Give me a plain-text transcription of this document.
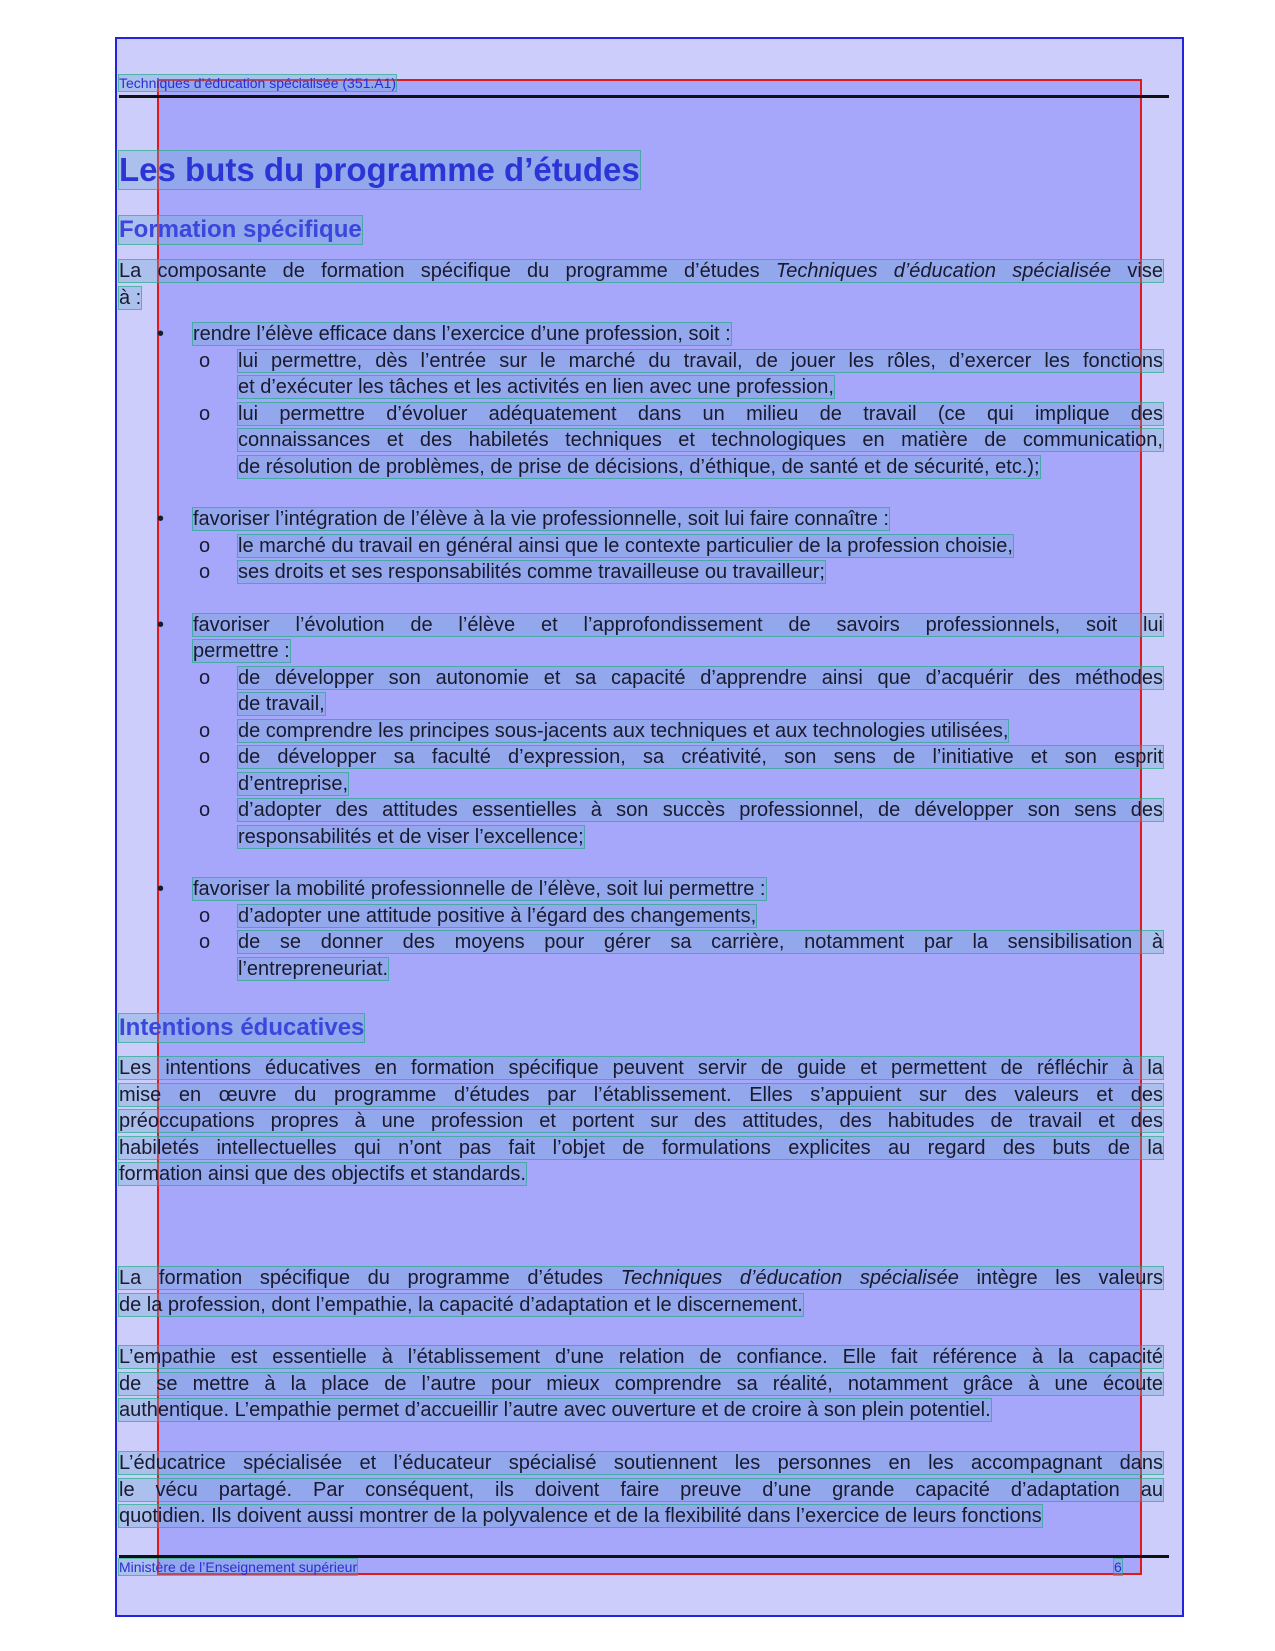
Techniques d’éducation spécialisée (351.A1)
Les buts du programme d’études
Formation spécifique
La composante de formation spécifique du programme d’études Techniques d’éducation spécialisée vise
à :
• rendre l’élève efficace dans l’exercice d’une profession, soit :
o lui permettre, dès l’entrée sur le marché du travail, de jouer les rôles, d’exercer les fonctions
et d’exécuter les tâches et les activités en lien avec une profession,
o lui permettre d’évoluer adéquatement dans un milieu de travail (ce qui implique des
connaissances et des habiletés techniques et technologiques en matière de communication,
de résolution de problèmes, de prise de décisions, d’éthique, de santé et de sécurité, etc.);
• favoriser l’intégration de l’élève à la vie professionnelle, soit lui faire connaître :
o le marché du travail en général ainsi que le contexte particulier de la profession choisie,
o ses droits et ses responsabilités comme travailleuse ou travailleur;
• favoriser l’évolution de l’élève et l’approfondissement de savoirs professionnels, soit lui
permettre :
o de développer son autonomie et sa capacité d’apprendre ainsi que d’acquérir des méthodes
de travail,
o de comprendre les principes sous-jacents aux techniques et aux technologies utilisées,
o de développer sa faculté d’expression, sa créativité, son sens de l’initiative et son esprit
d’entreprise,
o d’adopter des attitudes essentielles à son succès professionnel, de développer son sens des
responsabilités et de viser l’excellence;
• favoriser la mobilité professionnelle de l’élève, soit lui permettre :
o d’adopter une attitude positive à l’égard des changements,
o de se donner des moyens pour gérer sa carrière, notamment par la sensibilisation à
l’entrepreneuriat.
Intentions éducatives
Les intentions éducatives en formation spécifique peuvent servir de guide et permettent de réfléchir à la
mise en œuvre du programme d’études par l’établissement. Elles s’appuient sur des valeurs et des
préoccupations propres à une profession et portent sur des attitudes, des habitudes de travail et des
habiletés intellectuelles qui n’ont pas fait l’objet de formulations explicites au regard des buts de la
formation ainsi que des objectifs et standards.
La formation spécifique du programme d’études Techniques d’éducation spécialisée intègre les valeurs
de la profession, dont l’empathie, la capacité d’adaptation et le discernement.
L’empathie est essentielle à l’établissement d’une relation de confiance. Elle fait référence à la capacité
de se mettre à la place de l’autre pour mieux comprendre sa réalité, notamment grâce à une écoute
authentique. L’empathie permet d’accueillir l’autre avec ouverture et de croire à son plein potentiel.
L’éducatrice spécialisée et l’éducateur spécialisé soutiennent les personnes en les accompagnant dans
le vécu partagé. Par conséquent, ils doivent faire preuve d’une grande capacité d’adaptation au
quotidien. Ils doivent aussi montrer de la polyvalence et de la flexibilité dans l’exercice de leurs fonctions
Ministère de l’Enseignement supérieur	6
